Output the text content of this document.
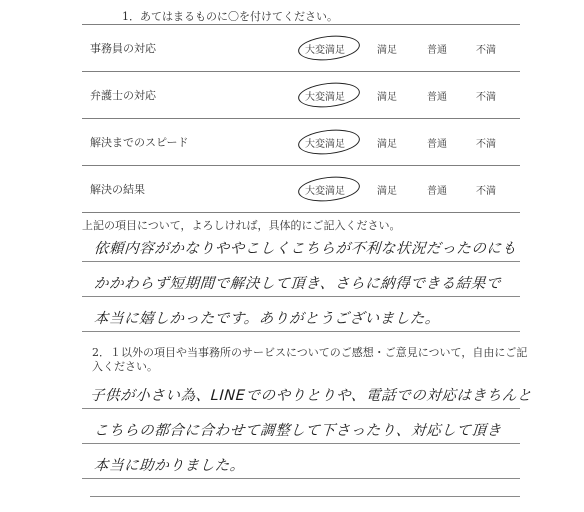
1．あてはまるものに〇を付けてください。
事務員の対応	大変満足	満足	普通	不満
弁護士の対応	大変満足	満足	普通	不満
解決までのスピード	大変満足	満足	普通	不満
解決の結果	大変満足	満足	普通	不満
上記の項目について，よろしければ，具体的にご記入ください。
依頼内容がかなりややこしくこちらが不利な状況だったのにも
かかわらず短期間で解決して頂き、さらに納得できる結果で
本当に嬉しかったです。ありがとうございました。
2．１以外の項目や当事務所のサービスについてのご感想・ご意見について，自由にご記入ください。
子供が小さい為、LINEでのやりとりや、電話での対応はきちんと
こちらの都合に合わせて調整して下さったり、対応して頂き
本当に助かりました。
